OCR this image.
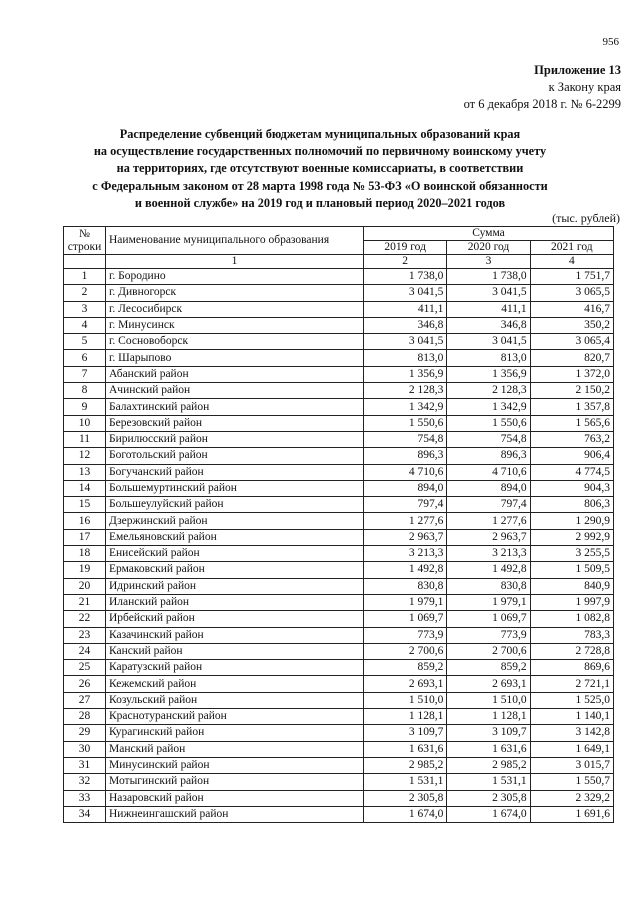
956
Приложение 13
к Закону края
от 6 декабря 2018 г. № 6-2299
Распределение субвенций бюджетам муниципальных образований края
на осуществление государственных полномочий по первичному воинскому учету
на территориях, где отсутствуют военные комиссариаты, в соответствии
с Федеральным законом от 28 марта 1998 года № 53-ФЗ «О воинской обязанности
и военной службе» на 2019 год и плановый период 2020–2021 годов
(тыс. рублей)
№
строки	Наименование муниципального образования	Сумма		
		2019 год	2020 год	2021 год
	1	2	3	4
1	г. Бородино	1 738,0	1 738,0	1 751,7
2	г. Дивногорск	3 041,5	3 041,5	3 065,5
3	г. Лесосибирск	411,1	411,1	416,7
4	г. Минусинск	346,8	346,8	350,2
5	г. Сосновоборск	3 041,5	3 041,5	3 065,4
6	г. Шарыпово	813,0	813,0	820,7
7	Абанский район	1 356,9	1 356,9	1 372,0
8	Ачинский район	2 128,3	2 128,3	2 150,2
9	Балахтинский район	1 342,9	1 342,9	1 357,8
10	Березовский район	1 550,6	1 550,6	1 565,6
11	Бирилюсский район	754,8	754,8	763,2
12	Боготольский район	896,3	896,3	906,4
13	Богучанский район	4 710,6	4 710,6	4 774,5
14	Большемуртинский район	894,0	894,0	904,3
15	Большеулуйский район	797,4	797,4	806,3
16	Дзержинский район	1 277,6	1 277,6	1 290,9
17	Емельяновский район	2 963,7	2 963,7	2 992,9
18	Енисейский район	3 213,3	3 213,3	3 255,5
19	Ермаковский район	1 492,8	1 492,8	1 509,5
20	Идринский район	830,8	830,8	840,9
21	Иланский район	1 979,1	1 979,1	1 997,9
22	Ирбейский район	1 069,7	1 069,7	1 082,8
23	Казачинский район	773,9	773,9	783,3
24	Канский район	2 700,6	2 700,6	2 728,8
25	Каратузский район	859,2	859,2	869,6
26	Кежемский район	2 693,1	2 693,1	2 721,1
27	Козульский район	1 510,0	1 510,0	1 525,0
28	Краснотуранский район	1 128,1	1 128,1	1 140,1
29	Курагинский район	3 109,7	3 109,7	3 142,8
30	Манский район	1 631,6	1 631,6	1 649,1
31	Минусинский район	2 985,2	2 985,2	3 015,7
32	Мотыгинский район	1 531,1	1 531,1	1 550,7
33	Назаровский район	2 305,8	2 305,8	2 329,2
34	Нижнеингашский район	1 674,0	1 674,0	1 691,6
